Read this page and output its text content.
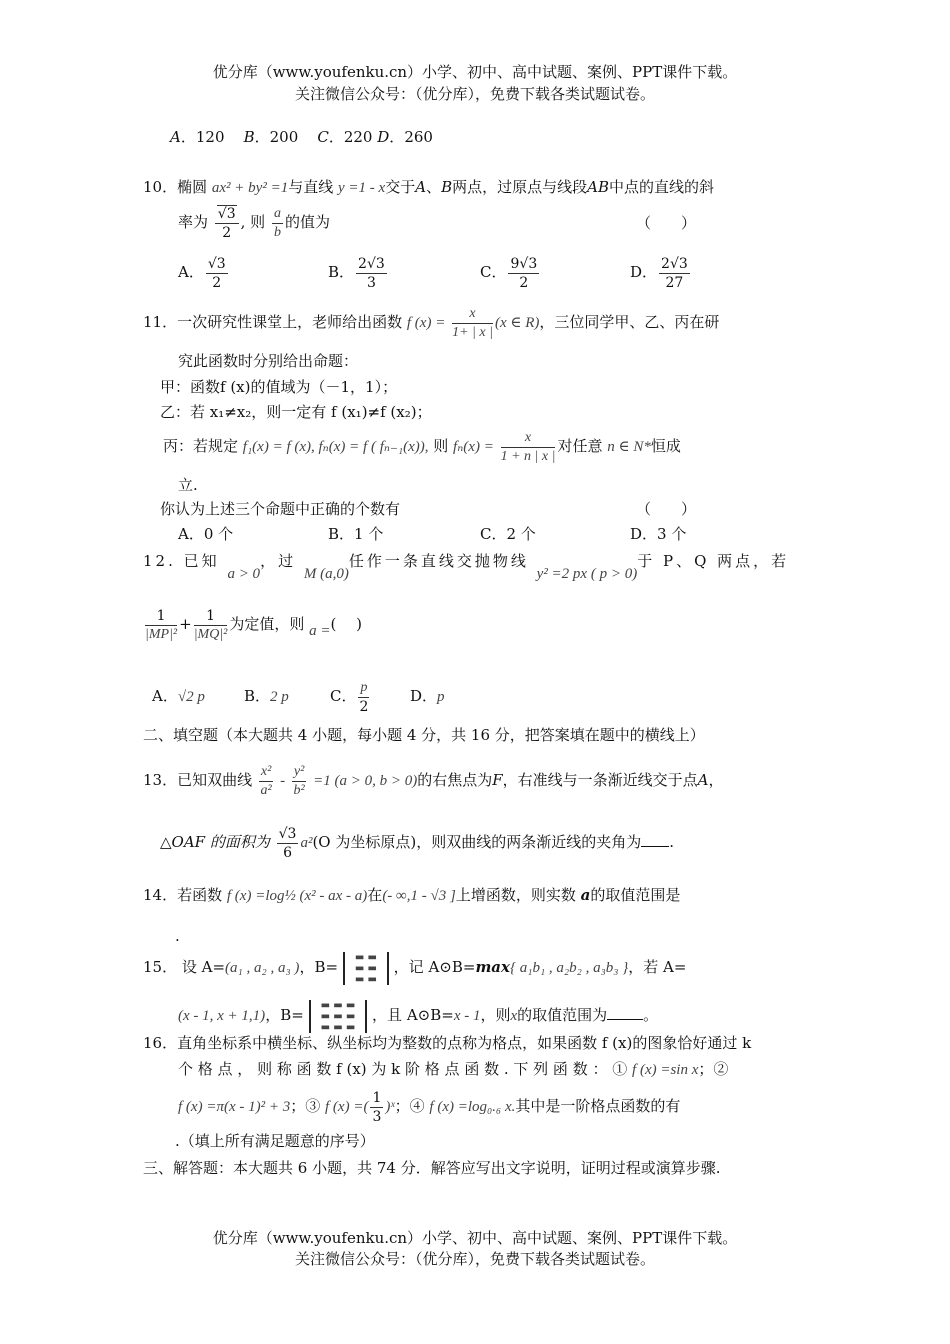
优分库（www.youfenku.cn）小学、初中、高中试题、案例、PPT课件下载。
关注微信公众号：（优分库），免费下载各类试题试卷。
A．120 B．200 C．220 D．260
10．椭圆 ax² + by² =1与直线 y =1 - x交于A、B两点，过原点与线段AB中点的直线的斜
率为 $\frac{√3}{2}$ , 则 $\frac{a}{b}$ 的值为	（　　）
A． $\frac{√3}{2}$	B． $\frac{2√3}{3}$	C． $\frac{9√3}{2}$	D． $\frac{2√3}{27}$
11．一次研究性课堂上，老师给出函数 f $(x) = \frac{x}{1+ | x |} (x$ ∈ R)，三位同学甲、乙、丙在研
究此函数时分别给出命题：
甲：函数f (x)的值域为（－1，1）；
乙：若 x₁≠x₂，则一定有 f (x₁)≠f (x₂)；
丙：若规定 f₁(x) = f (x), fₙ(x) = f ( fₙ₋₁(x)), 则 $f_n(x) = \frac{x}{1 + n | x |}$ 对任意 n ∈ N*恒成
立.
你认为上述三个命题中正确的个数有	（　　）
A．0 个	B．1 个	C．2 个	D．3 个
12. 已知 a > 0，过 M (a,0)任作一条直线交抛物线 y² =2 px ( p > 0)于 P、Q 两点，若
$\frac{1}{\text{|MP|²}} + \frac{1}{\text{|MQ|²}}$ 为定值，则 a =(　 )
A．√2 p	B．2 p	C． $\frac{p}{2}$	D．p
二、填空题（本大题共 4 小题，每小题 4 分，共 16 分，把答案填在题中的横线上）
13．已知双曲线 $\frac{\text{x²}}{\text{a²}} - \frac{\text{y²}}{\text{b²}} =1$ (a > 0, b > 0)的右焦点为F，右准线与一条渐近线交于点A，
△OAF 的面积为 $\frac{√3}{6} a^2(O$ 为坐标原点)，则双曲线的两条渐近线的夹角为 .
14．若函数 f (x) =log½ (x² - ax - a)在(- ∞,1 - √3 ]上增函数，则实数 a的取值范围是
.
15． 设 A=(a₁ , a₂ , a₃ )，B= ▬ ▬
▬ ▬
▬ ▬ ，记 A⊙B=max{ a₁b₁ , a₂b₂ , a₃b₃ }，若 A=
(x - 1, x + 1,1)，B= ▬ ▬ ▬
▬ ▬ ▬
▬ ▬ ▬ ，且 A⊙B=x - 1，则x的取值范围为 。
16．直角坐标系中横坐标、纵坐标均为整数的点称为格点，如果函数 f (x)的图象恰好通过 k
个 格 点 ， 则 称 函 数 f (x) 为 k 阶 格 点 函 数 . 下 列 函 数 ： ① f (x) =sin x；②
f (x) =π(x - 1)² + 3；③ f (x) =( $\frac{1}{3}$ )ˣ；④ f (x) =log₀.₆ x.其中是一阶格点函数的有
.（填上所有满足题意的序号）
三、解答题：本大题共 6 小题，共 74 分．解答应写出文字说明，证明过程或演算步骤.
优分库（www.youfenku.cn）小学、初中、高中试题、案例、PPT课件下载。
关注微信公众号：（优分库），免费下载各类试题试卷。
